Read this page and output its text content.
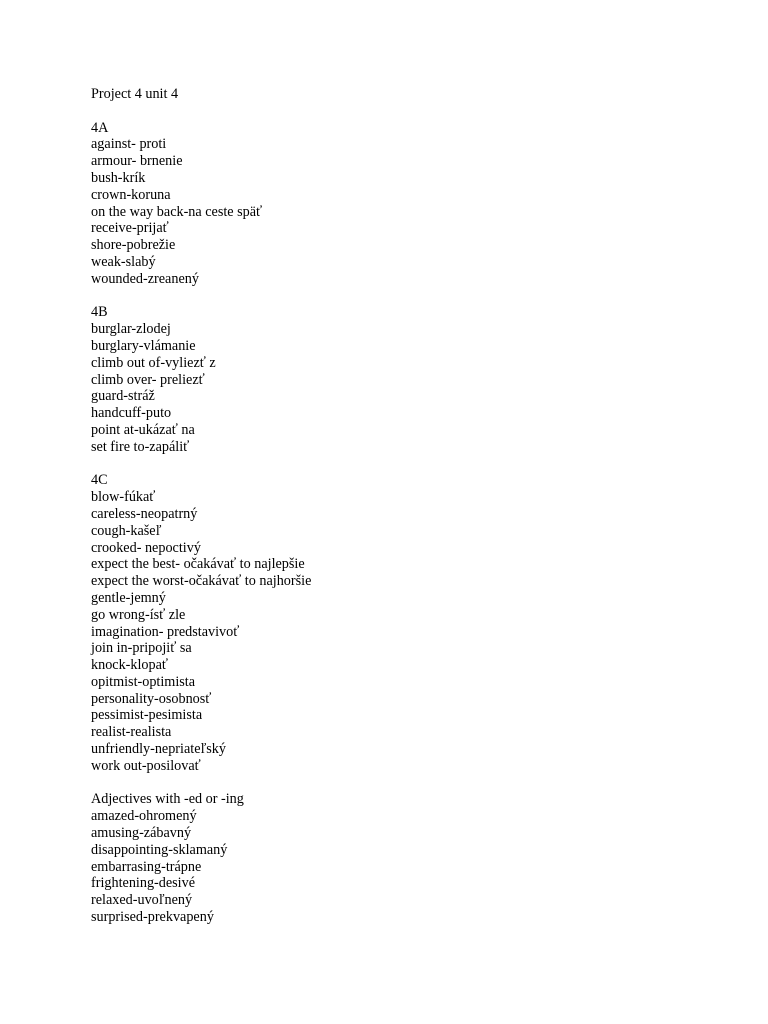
Project 4 unit 4
4A
against- proti
armour- brnenie
bush-krík
crown-koruna
on the way back-na ceste späť
receive-prijať
shore-pobrežie
weak-slabý
wounded-zreanený
4B
burglar-zlodej
burglary-vlámanie
climb out of-vyliezť z
climb over- preliezť
guard-stráž
handcuff-puto
point at-ukázať na
set fire to-zapáliť
4C
blow-fúkať
careless-neopatrný
cough-kašeľ
crooked- nepoctivý
expect the best- očakávať to najlepšie
expect the worst-očakávať to najhoršie
gentle-jemný
go wrong-ísť zle
imagination- predstavivoť
join in-pripojiť sa
knock-klopať
opitmist-optimista
personality-osobnosť
pessimist-pesimista
realist-realista
unfriendly-nepriateľský
work out-posilovať
Adjectives with -ed or -ing
amazed-ohromený
amusing-zábavný
disappointing-sklamaný
embarrasing-trápne
frightening-desivé
relaxed-uvoľnený
surprised-prekvapený
